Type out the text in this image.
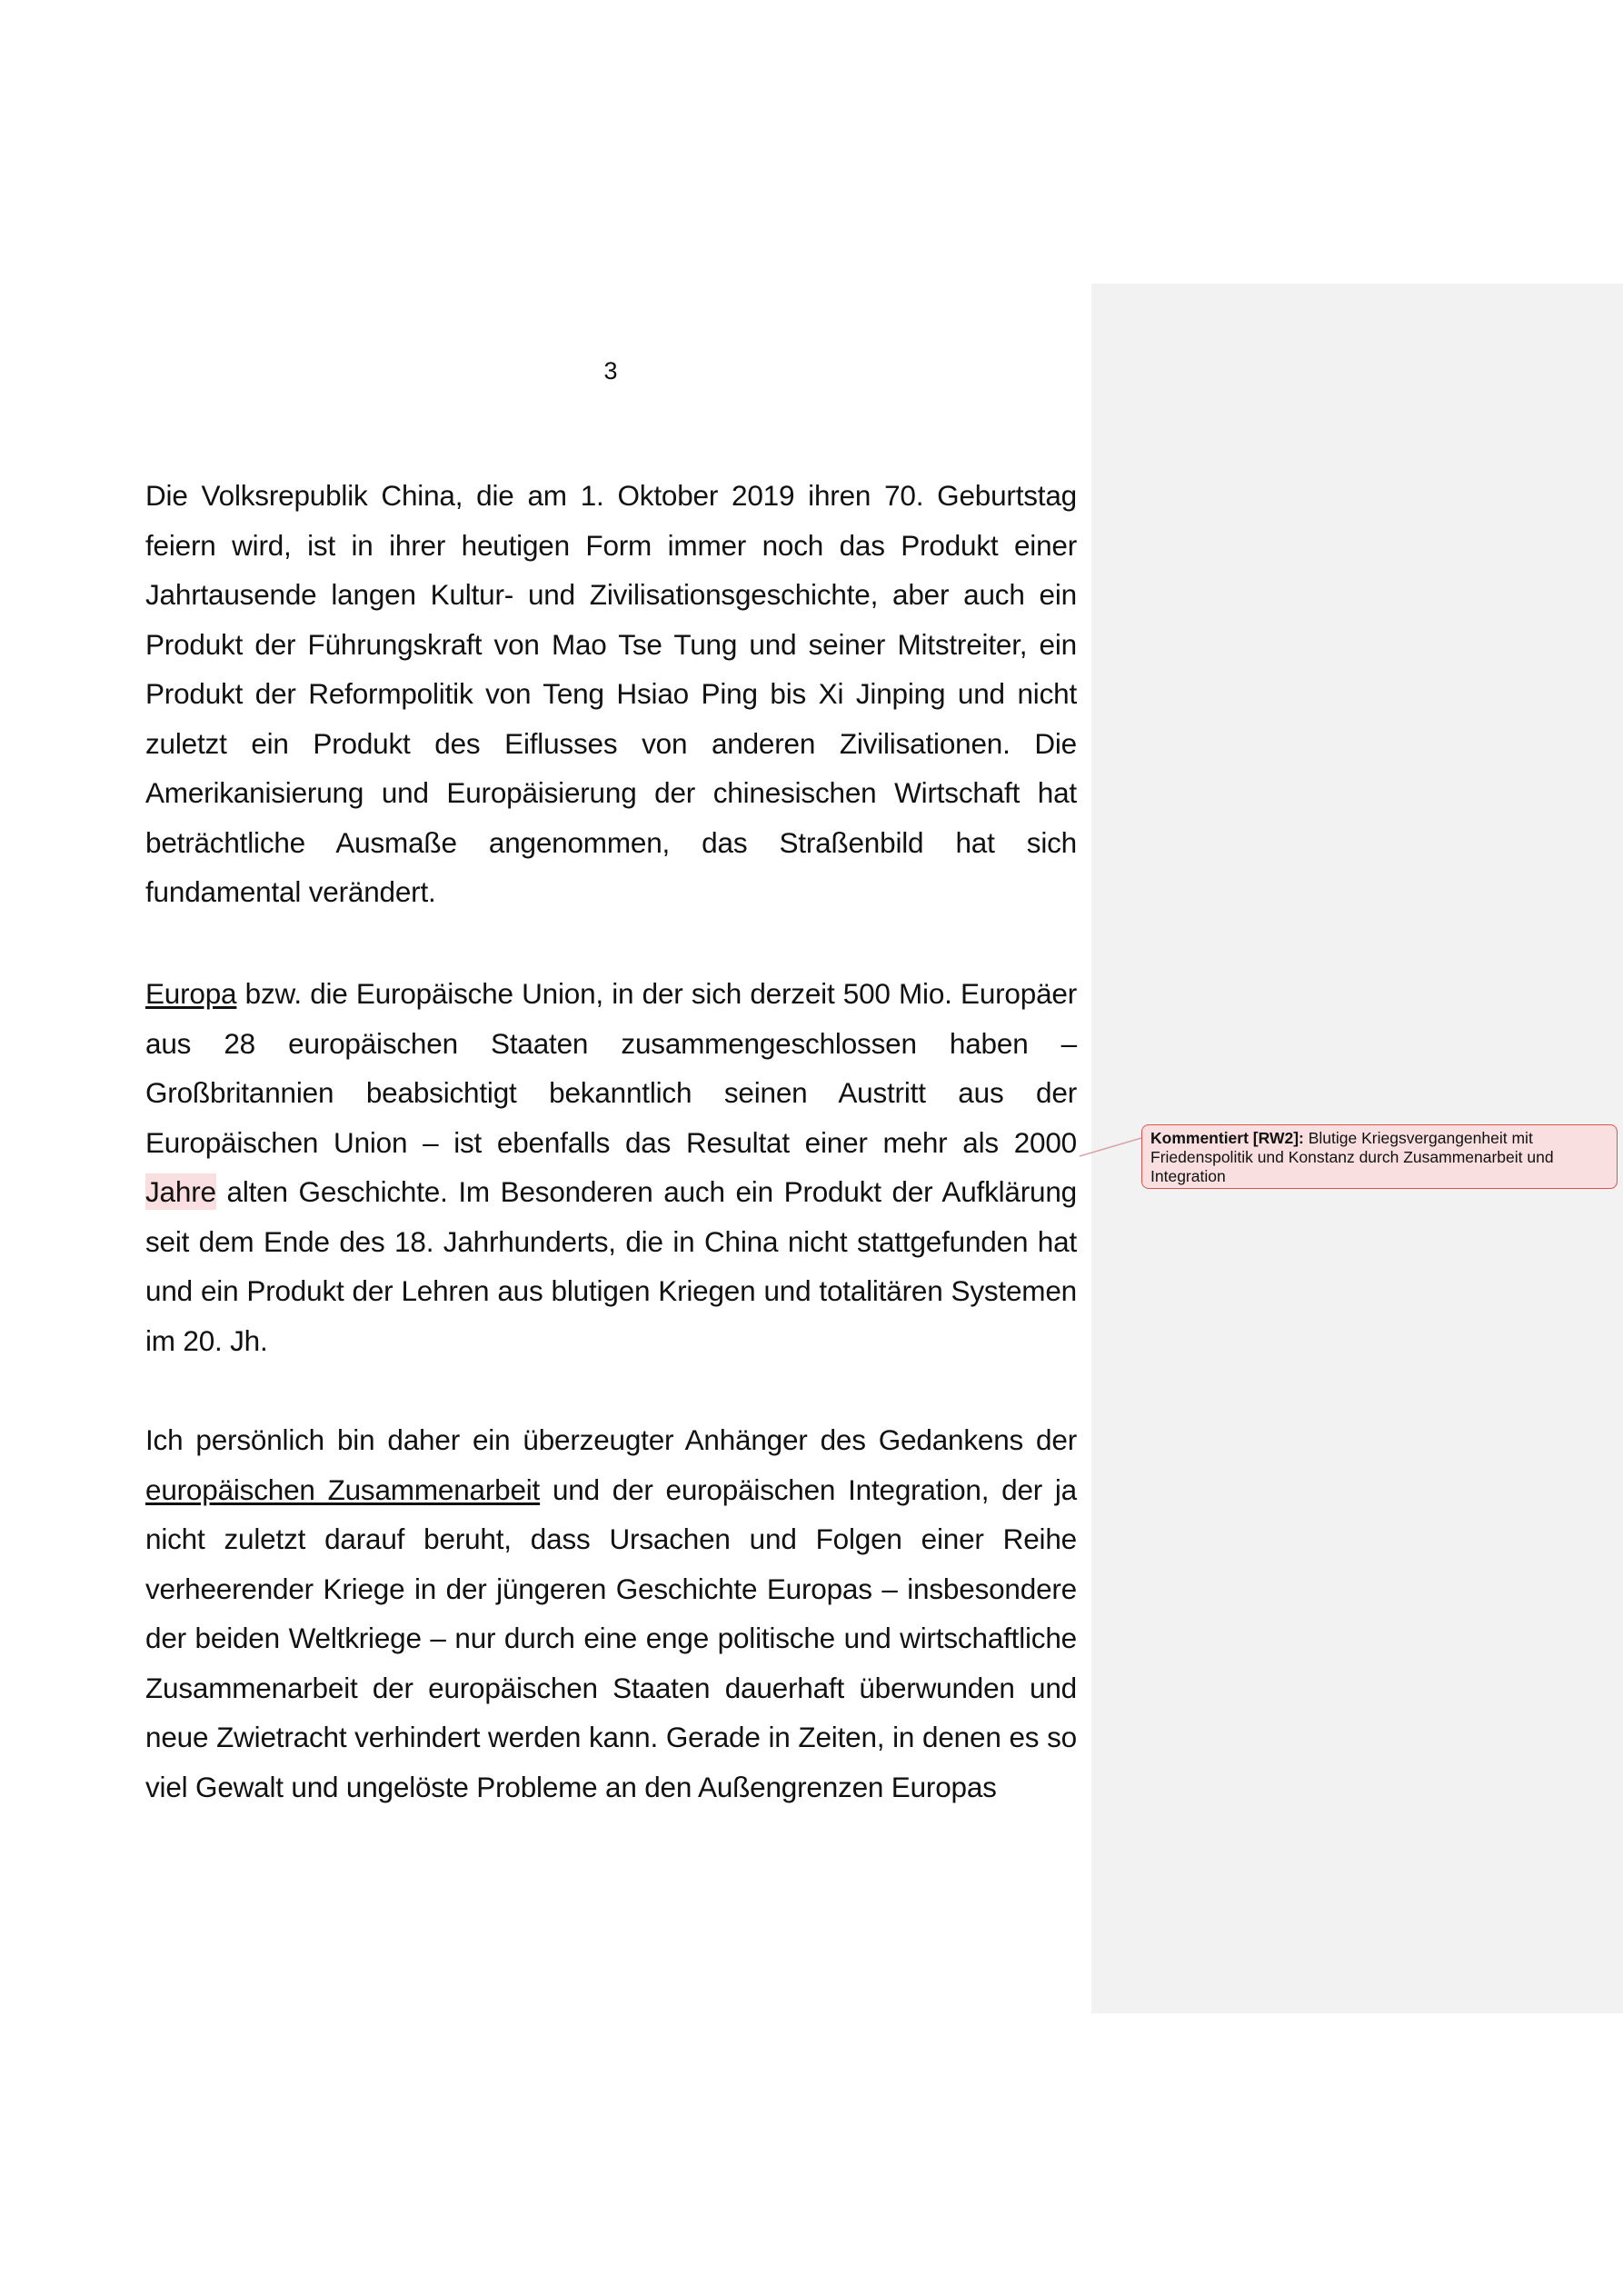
3

Die Volksrepublik China, die am 1. Oktober 2019 ihren 70. Geburtstag feiern wird, ist in ihrer heutigen Form immer noch das Produkt einer Jahrtausende langen Kultur- und Zivilisationsgeschichte, aber auch ein Produkt der Führungskraft von Mao Tse Tung und seiner Mitstreiter, ein Produkt der Reformpolitik von Teng Hsiao Ping bis Xi Jinping und nicht zuletzt ein Produkt des Eiflusses von anderen Zivilisationen. Die Amerikanisierung und Europäisierung der chinesischen Wirtschaft hat beträchtliche Ausmaße angenommen, das Straßenbild hat sich fundamental verändert.

Europa bzw. die Europäische Union, in der sich derzeit 500 Mio. Europäer aus 28 europäischen Staaten zusammengeschlossen haben – Großbritannien beabsichtigt bekanntlich seinen Austritt aus der Europäischen Union – ist ebenfalls das Resultat einer mehr als 2000 Jahre alten Geschichte. Im Besonderen auch ein Produkt der Aufklärung seit dem Ende des 18. Jahrhunderts, die in China nicht stattgefunden hat und ein Produkt der Lehren aus blutigen Kriegen und totalitären Systemen im 20. Jh.

Ich persönlich bin daher ein überzeugter Anhänger des Gedankens der europäischen Zusammenarbeit und der europäischen Integration, der ja nicht zuletzt darauf beruht, dass Ursachen und Folgen einer Reihe verheerender Kriege in der jüngeren Geschichte Europas – insbesondere der beiden Weltkriege – nur durch eine enge politische und wirtschaftliche Zusammenarbeit der europäischen Staaten dauerhaft überwunden und neue Zwietracht verhindert werden kann. Gerade in Zeiten, in denen es so viel Gewalt und ungelöste Probleme an den Außengrenzen Europas

Kommentiert [RW2]: Blutige Kriegsvergangenheit mit Friedenspolitik und Konstanz durch Zusammenarbeit und Integration
